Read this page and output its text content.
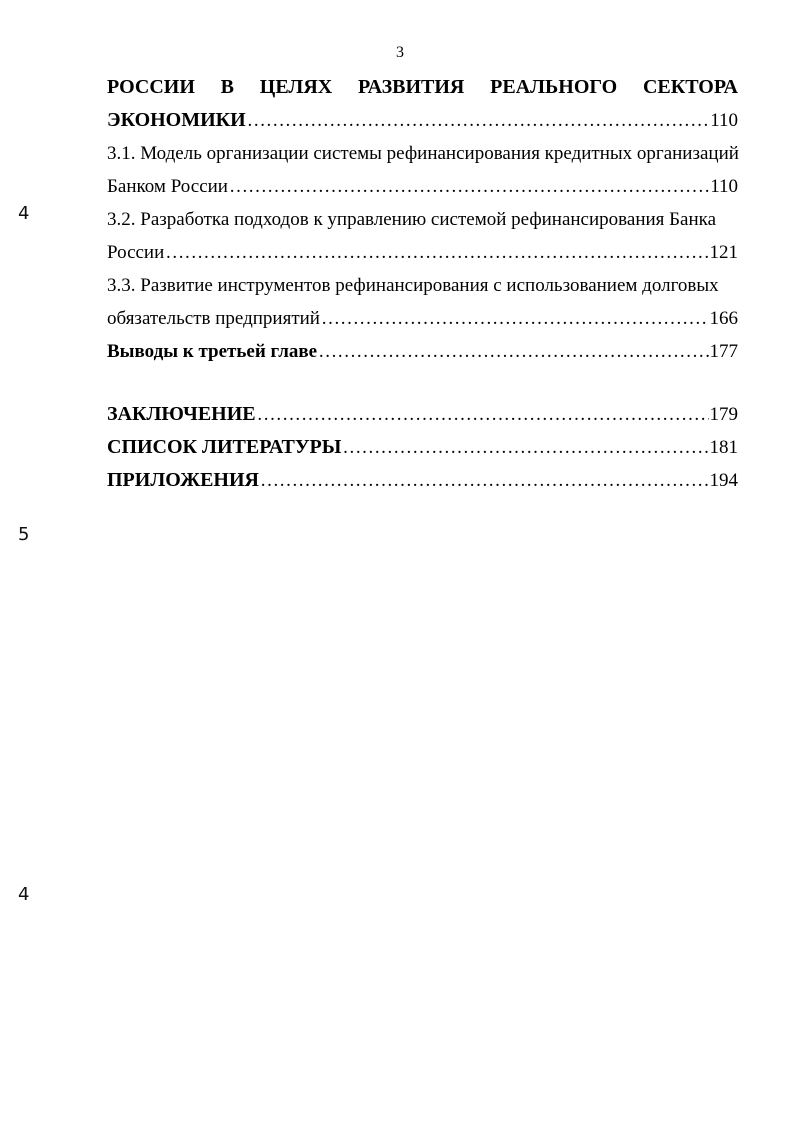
3
РОССИИ В ЦЕЛЯХ РАЗВИТИЯ РЕАЛЬНОГО СЕКТОРА
ЭКОНОМИКИ ………………………………………………………………………………………………………………………………………………………………………………	110
3.1. Модель организации системы рефинансирования кредитных организаций
Банком России ………………………………………………………………………………………………………………………………………………………………………………	110
3.2. Разработка подходов к управлению системой рефинансирования Банка
России ………………………………………………………………………………………………………………………………………………………………………………	121
3.3. Развитие инструментов рефинансирования с использованием долговых
обязательств предприятий ………………………………………………………………………………………………………………………………………………………………………………	166
Выводы к третьей главе ………………………………………………………………………………………………………………………………………………………………………………	177
ЗАКЛЮЧЕНИЕ ………………………………………………………………………………………………………………………………………………………………………………	179
СПИСОК ЛИТЕРАТУРЫ ………………………………………………………………………………………………………………………………………………………………………………	181
ПРИЛОЖЕНИЯ ………………………………………………………………………………………………………………………………………………………………………………	194
4
5
4
